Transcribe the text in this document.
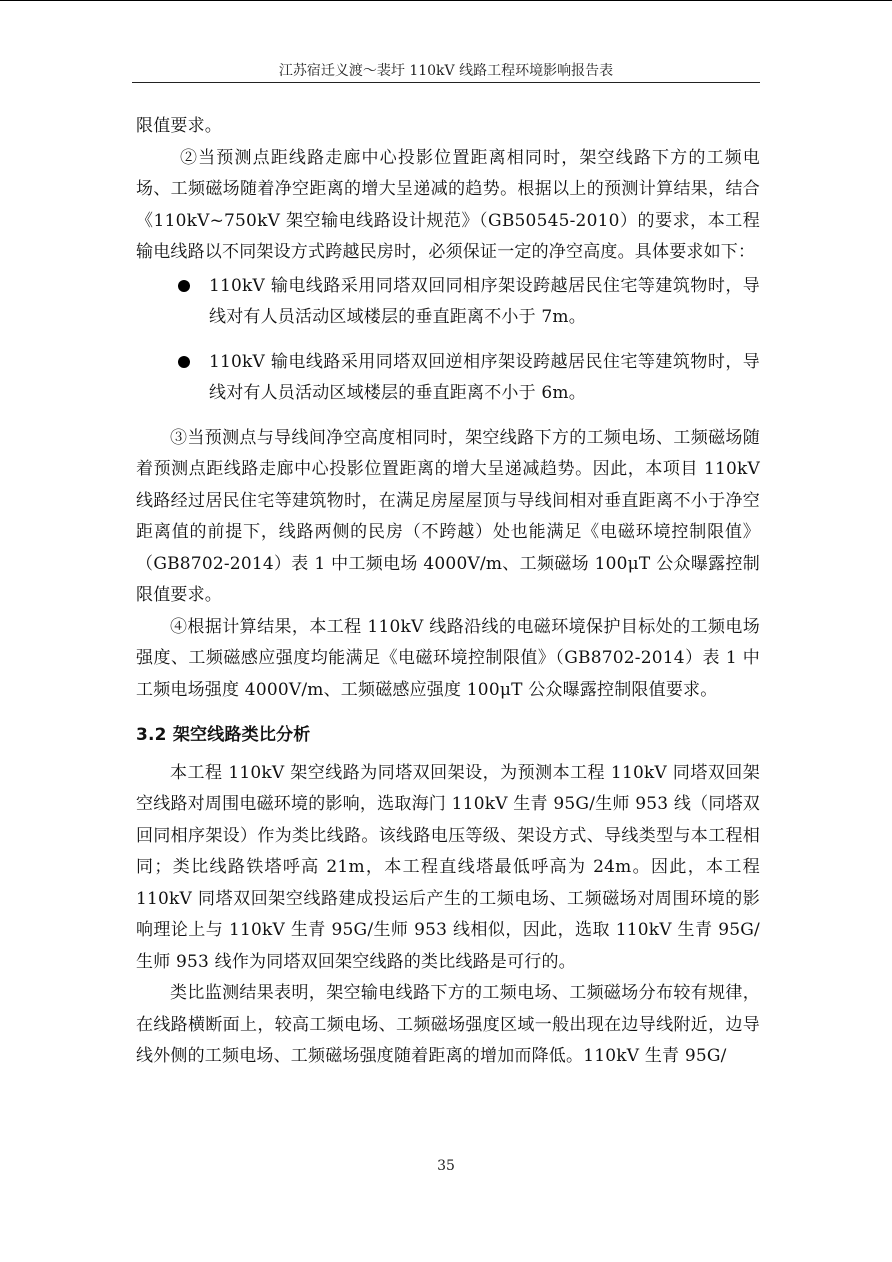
江苏宿迁义渡～裴圩 110kV 线路工程环境影响报告表

限值要求。

②当预测点距线路走廊中心投影位置距离相同时，架空线路下方的工频电场、工频磁场随着净空距离的增大呈递减的趋势。根据以上的预测计算结果，结合《110kV~750kV 架空输电线路设计规范》（GB50545-2010）的要求，本工程输电线路以不同架设方式跨越民房时，必须保证一定的净空高度。具体要求如下：

110kV 输电线路采用同塔双回同相序架设跨越居民住宅等建筑物时，导线对有人员活动区域楼层的垂直距离不小于 7m。
110kV 输电线路采用同塔双回逆相序架设跨越居民住宅等建筑物时，导线对有人员活动区域楼层的垂直距离不小于 6m。

③当预测点与导线间净空高度相同时，架空线路下方的工频电场、工频磁场随着预测点距线路走廊中心投影位置距离的增大呈递减趋势。因此，本项目 110kV 线路经过居民住宅等建筑物时，在满足房屋屋顶与导线间相对垂直距离不小于净空距离值的前提下，线路两侧的民房（不跨越）处也能满足《电磁环境控制限值》（GB8702-2014）表 1 中工频电场 4000V/m、工频磁场 100μT 公众曝露控制限值要求。

④根据计算结果，本工程 110kV 线路沿线的电磁环境保护目标处的工频电场强度、工频磁感应强度均能满足《电磁环境控制限值》（GB8702-2014）表 1 中工频电场强度 4000V/m、工频磁感应强度 100μT 公众曝露控制限值要求。

3.2 架空线路类比分析

本工程 110kV 架空线路为同塔双回架设，为预测本工程 110kV 同塔双回架空线路对周围电磁环境的影响，选取海门 110kV 生青 95G/生师 953 线（同塔双回同相序架设）作为类比线路。该线路电压等级、架设方式、导线类型与本工程相同；类比线路铁塔呼高 21m，本工程直线塔最低呼高为 24m。因此，本工程 110kV 同塔双回架空线路建成投运后产生的工频电场、工频磁场对周围环境的影响理论上与 110kV 生青 95G/生师 953 线相似，因此，选取 110kV 生青 95G/生师 953 线作为同塔双回架空线路的类比线路是可行的。

类比监测结果表明，架空输电线路下方的工频电场、工频磁场分布较有规律，在线路横断面上，较高工频电场、工频磁场强度区域一般出现在边导线附近，边导线外侧的工频电场、工频磁场强度随着距离的增加而降低。110kV 生青 95G/

35
